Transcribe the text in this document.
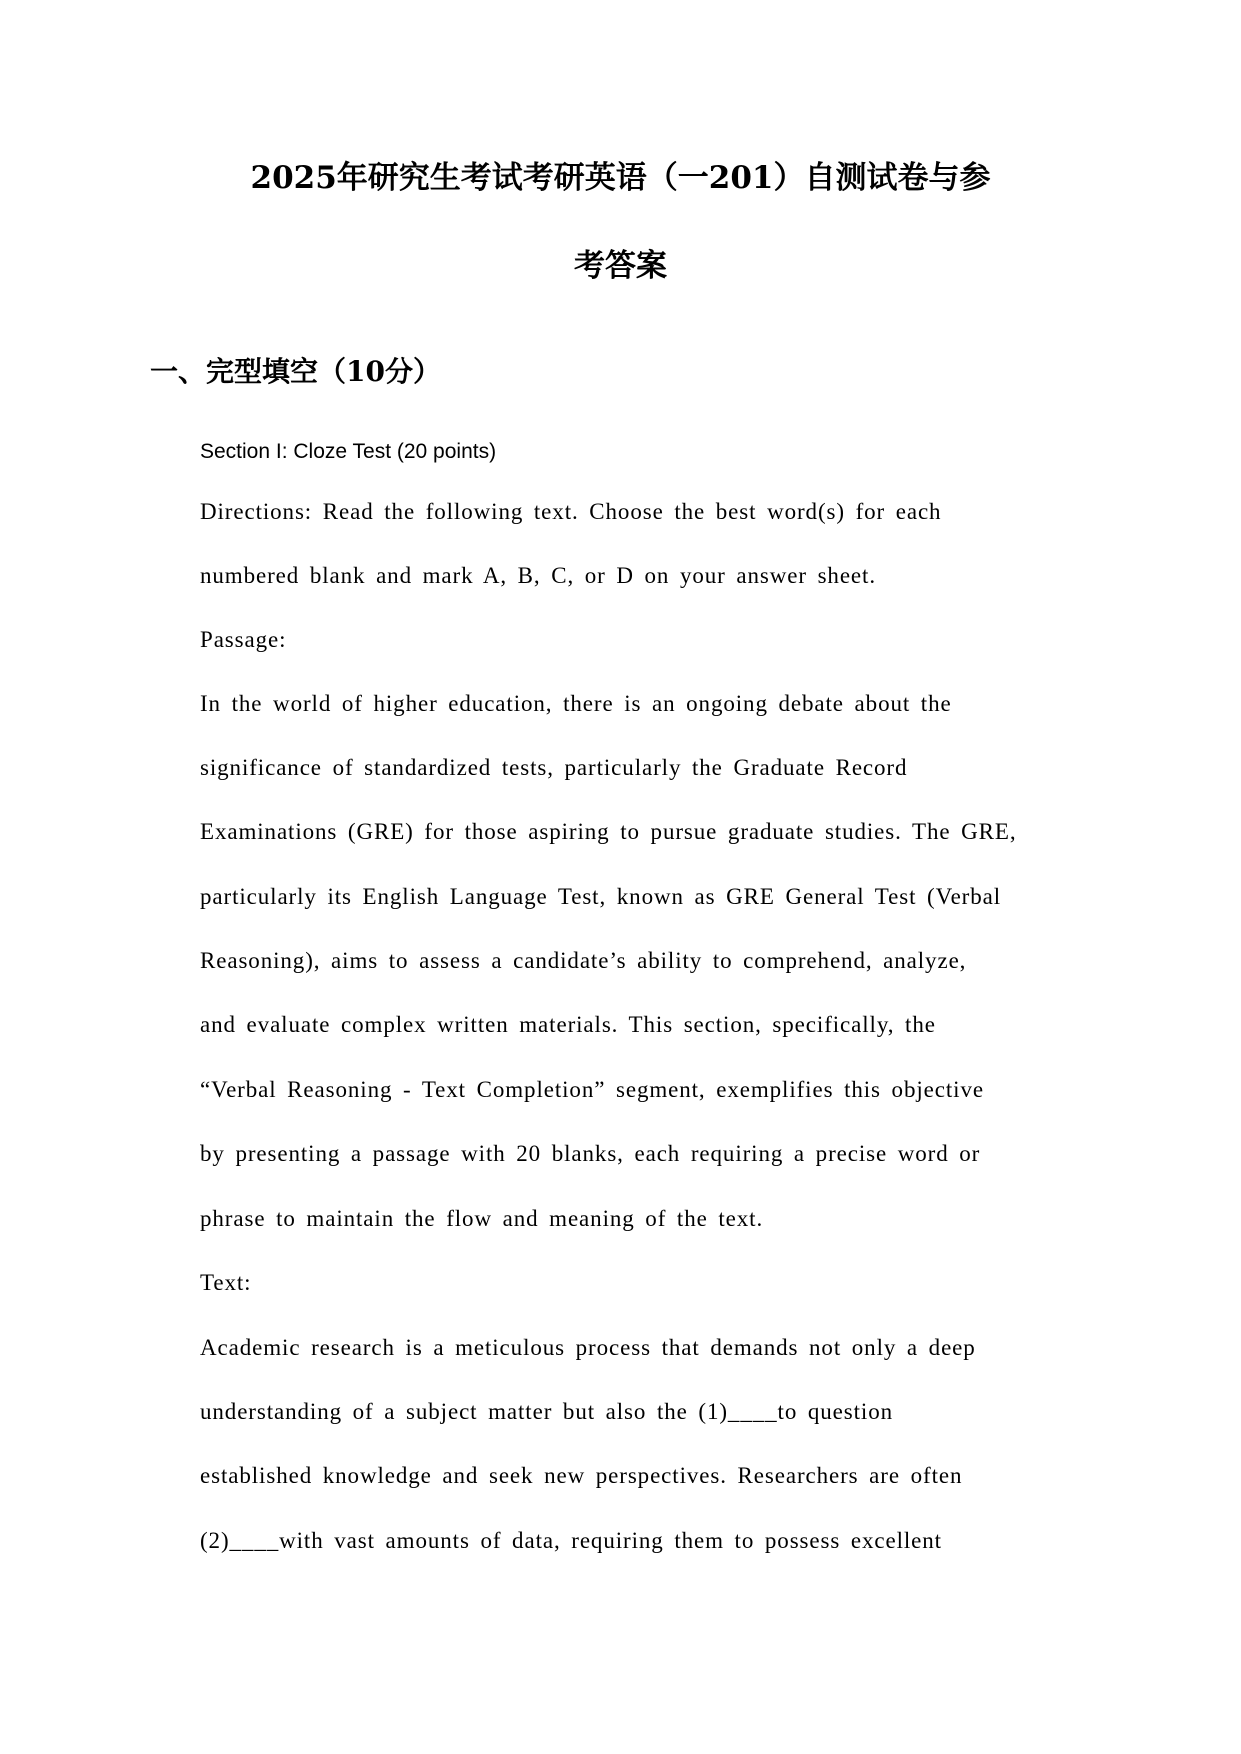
2025年研究生考试考研英语（一201）自测试卷与参
考答案
一、完型填空（10分）
Section I: Cloze Test (20 points)
Directions: Read the following text. Choose the best word(s) for each
numbered blank and mark A, B, C, or D on your answer sheet.
Passage:
In the world of higher education, there is an ongoing debate about the
significance of standardized tests, particularly the Graduate Record
Examinations (GRE) for those aspiring to pursue graduate studies. The GRE,
particularly its English Language Test, known as GRE General Test (Verbal
Reasoning), aims to assess a candidate’s ability to comprehend, analyze,
and evaluate complex written materials. This section, specifically, the
“Verbal Reasoning - Text Completion” segment, exemplifies this objective
by presenting a passage with 20 blanks, each requiring a precise word or
phrase to maintain the flow and meaning of the text.
Text:
Academic research is a meticulous process that demands not only a deep
understanding of a subject matter but also the (1)____to question
established knowledge and seek new perspectives. Researchers are often
(2)____with vast amounts of data, requiring them to possess excellent
